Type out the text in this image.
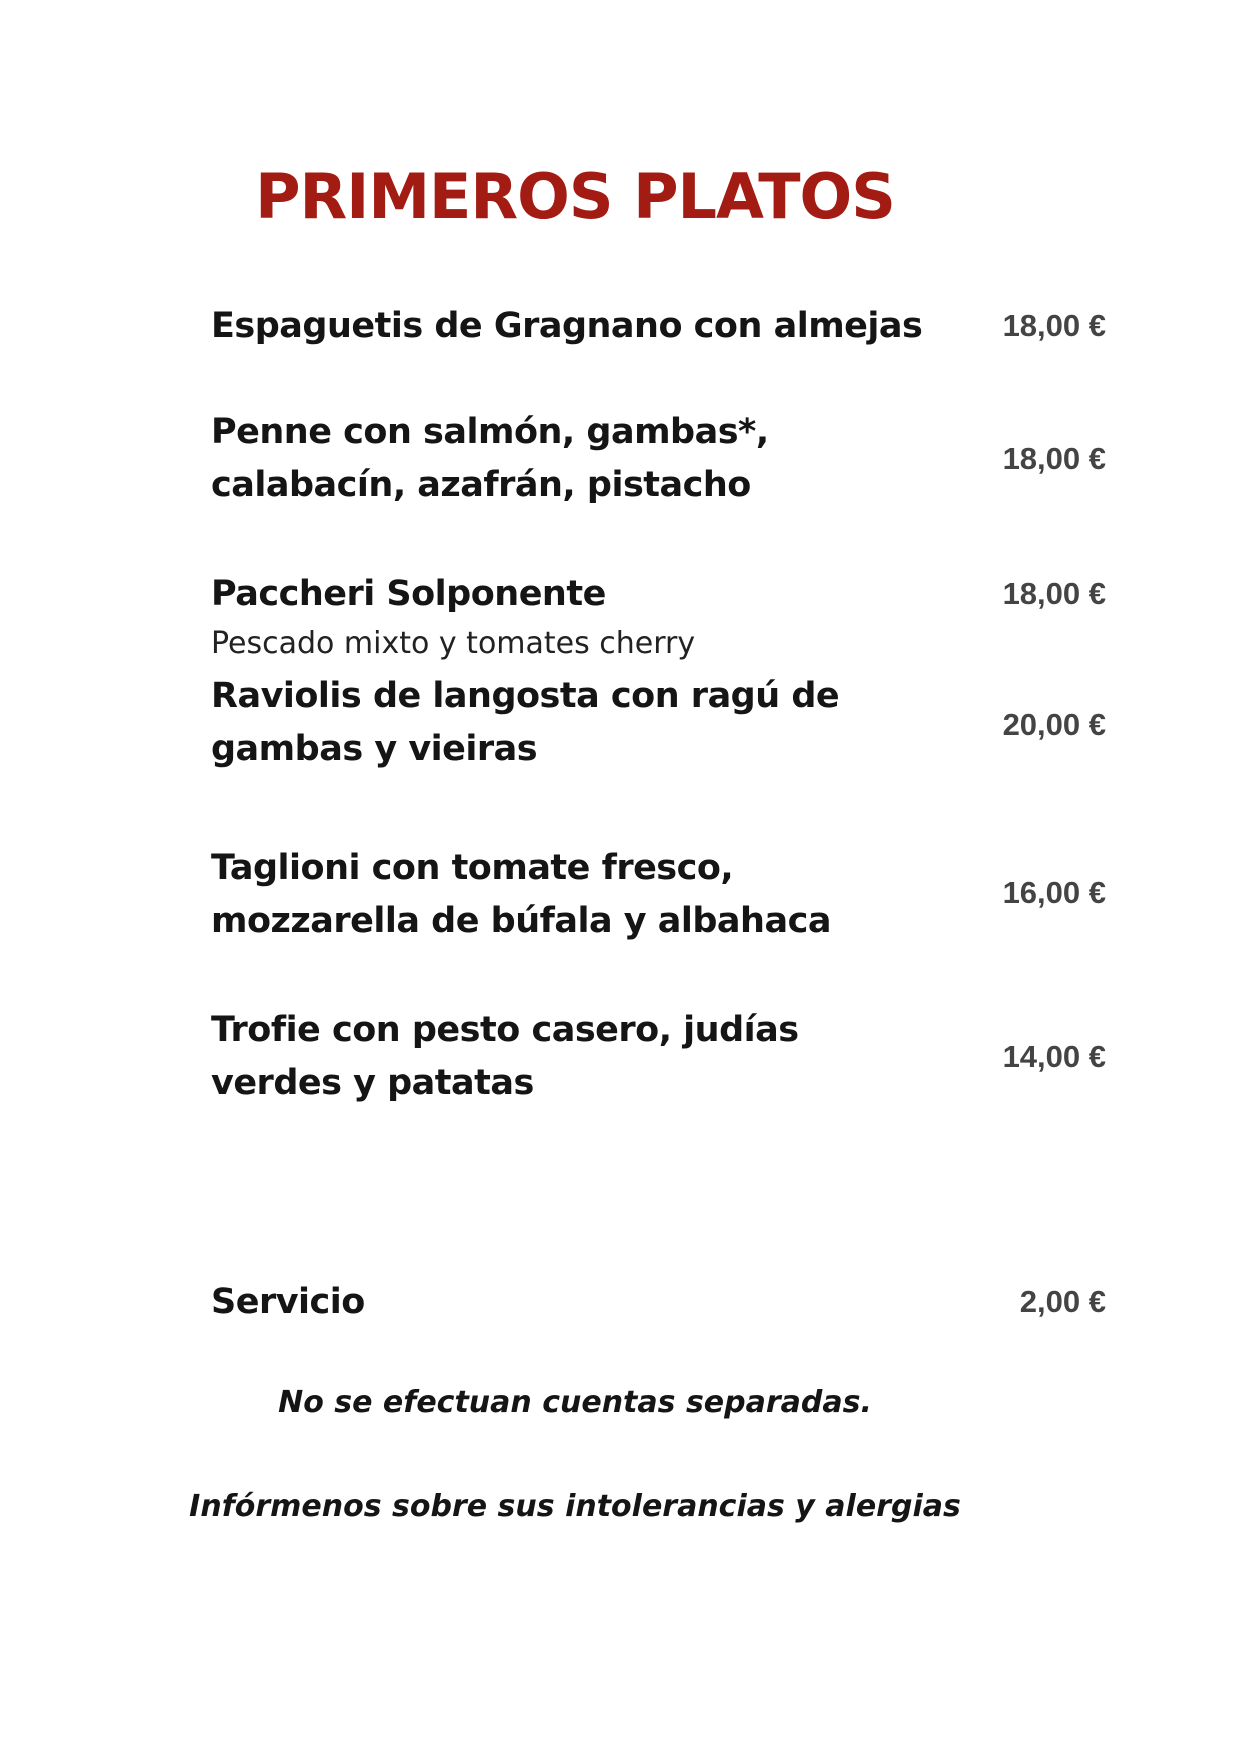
PRIMEROS PLATOS
Espaguetis de Gragnano con almejas	18,00 €
Penne con salmón, gambas*, calabacín, azafrán, pistacho
18,00 €
Paccheri Solponente
Pescado mixto y tomates cherry
18,00 €
Raviolis de langosta con ragú de gambas y vieiras
20,00 €
Taglioni con tomate fresco, mozzarella de búfala y albahaca
16,00 €
Trofie con pesto casero, judías verdes y patatas
14,00 €
Servicio	2,00 €
No se efectuan cuentas separadas.
Infórmenos sobre sus intolerancias y alergias
